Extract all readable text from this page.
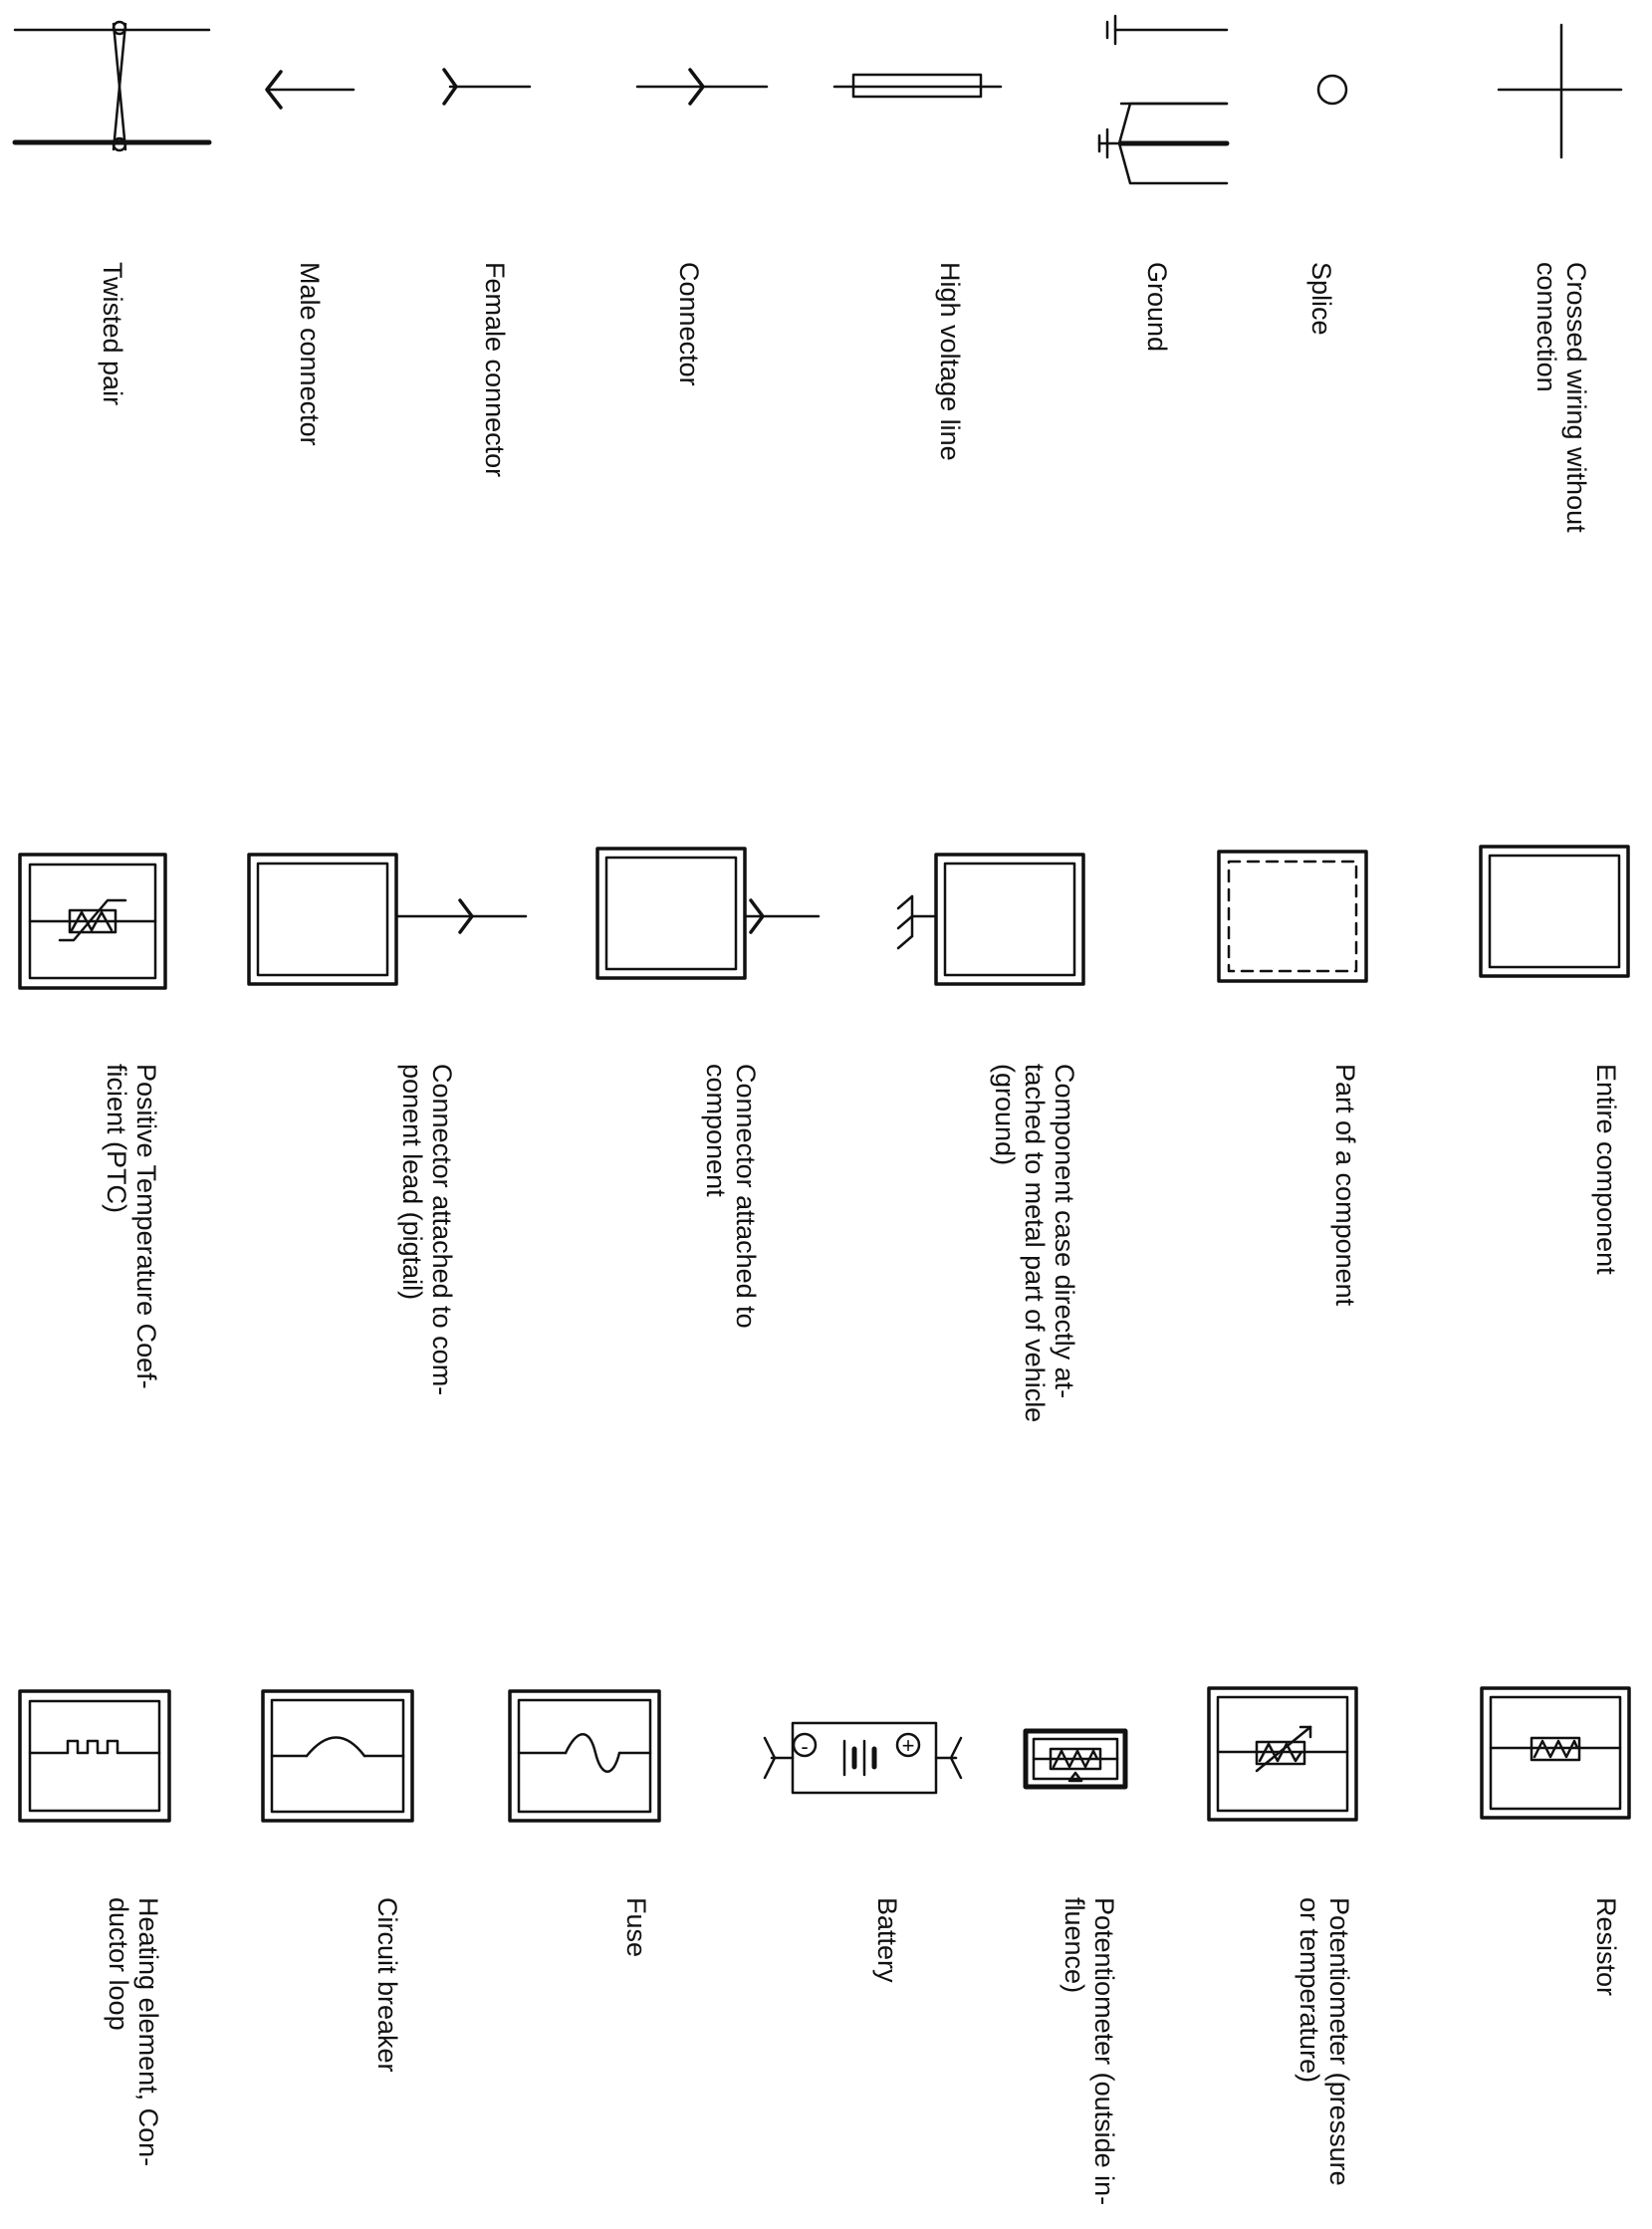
-	+
Twisted pair	Male connector	Female connector	Connector	High voltage line	Ground	Splice	Crossed wiring without
connection
Positive Temperature Coef-
ficient (PTC)	Connector attached to com-
ponent lead (pigtail)	Connector attached to
component	Component case directly at-
tached to metal part of vehicle
(ground)	Part of a component	Entire component
Heating element, Con-
ductor loop	Circuit breaker	Fuse	Battery	Potentiometer (outside in-
fluence)	Potentiometer (pressure
or temperature)	Resistor
